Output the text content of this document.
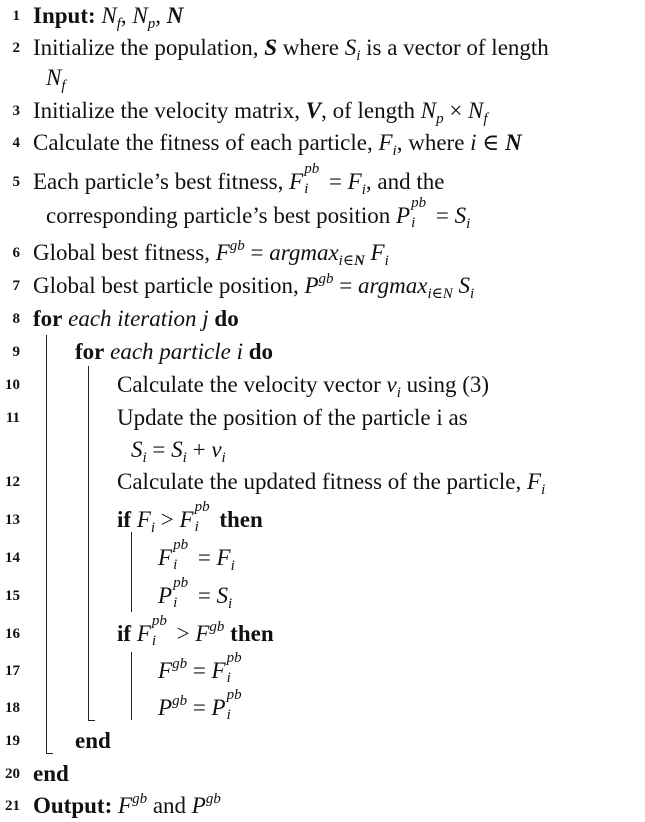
1 Input: $N_f$, $N_p$, N
2 Initialize the population, S where $S_i$ is a vector of length
$N_f$
3 Initialize the velocity matrix, V, of length $N_p \times N_f$
4 Calculate the fitness of each particle, $F_i$, where i ∈ N
5 Each particle’s best fitness, F pb
$i = F_i$, and the
corresponding particle’s best position P pb
$i = S_i$
6 Global best fitness, $F^{gb} = argmax_{i\in N}$ $F_i$
7 Global best particle position, $P^{gb} = argmax_{i\in N}$ $S_i$
8 for each iteration j do
9 for each particle i do
10	Calculate the velocity vector $v_i$ using (3)
11	Update the position of the particle i as
$S_i = S_i + v_i$
12	Calculate the updated fitness of the particle, $F_i$
13	if $F_i > F$ pb
i then
14	F pb
$i = F_i$
15	P pb
$i = S_i$
16	if F pb
$i > F^{gb}$ then
17	$F^{gb} = F$ pb
i
18	$P^{gb} = P$ pb
i
19 end
20 end
21 Output: $F^{gb}$ and $P^{gb}$
